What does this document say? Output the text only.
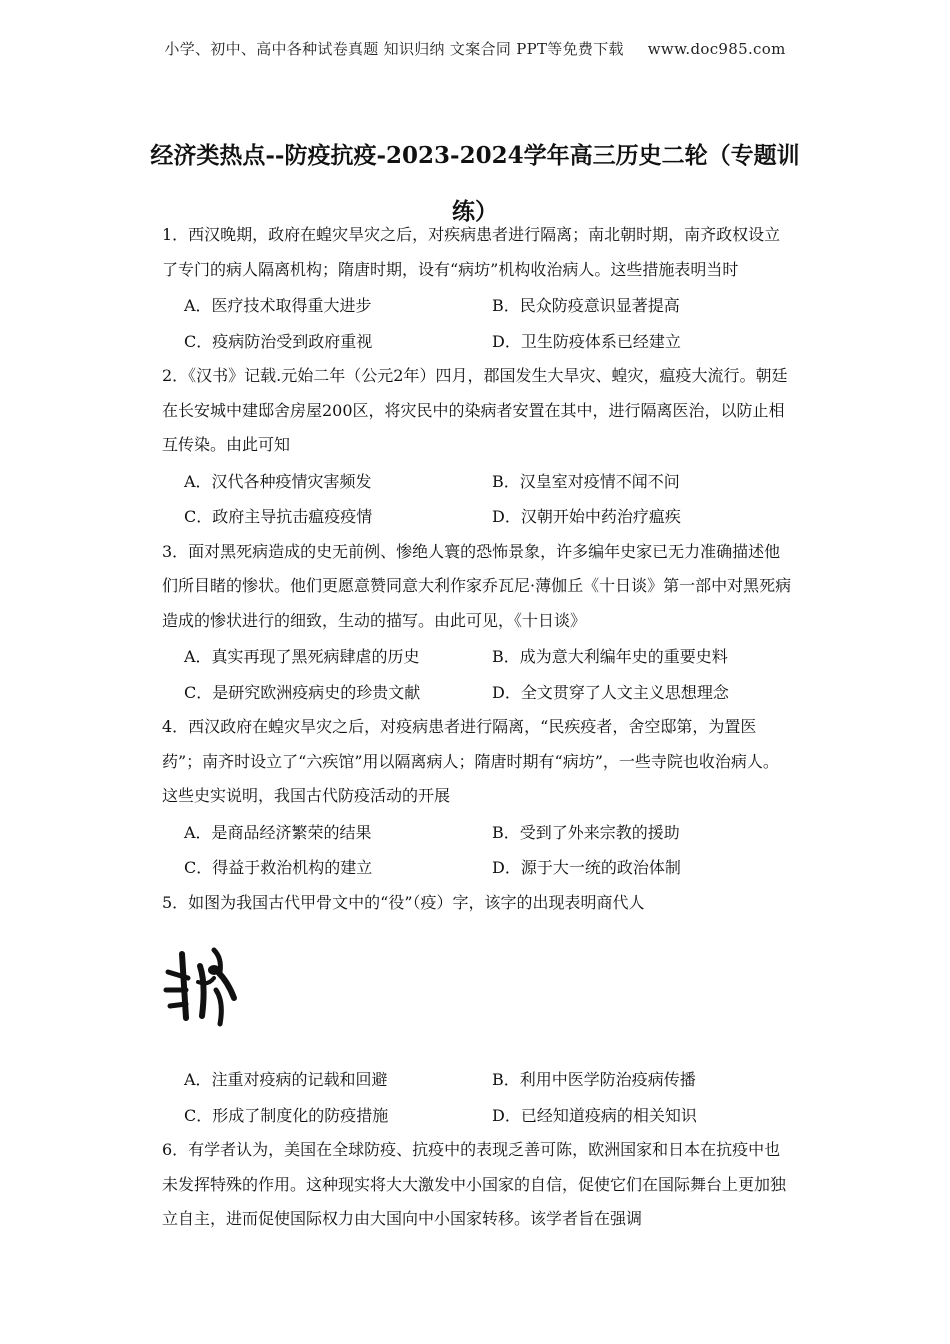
小学、初中、高中各种试卷真题 知识归纳 文案合同 PPT等免费下载 www.doc985.com
经济类热点--防疫抗疫-2023-2024学年高三历史二轮（专题训练）

1．西汉晚期，政府在蝗灾旱灾之后，对疾病患者进行隔离；南北朝时期，南齐政权设立了专门的病人隔离机构；隋唐时期，设有“病坊”机构收治病人。这些措施表明当时

A．医疗技术取得重大进步	B．民众防疫意识显著提高
C．疫病防治受到政府重视	D．卫生防疫体系已经建立

2．《汉书》记载.元始二年（公元2年）四月，郡国发生大旱灾、蝗灾，瘟疫大流行。朝廷在长安城中建邸舍房屋200区，将灾民中的染病者安置在其中，进行隔离医治，以防止相互传染。由此可知

A．汉代各种疫情灾害频发	B．汉皇室对疫情不闻不问
C．政府主导抗击瘟疫疫情	D．汉朝开始中药治疗瘟疾

3．面对黑死病造成的史无前例、惨绝人寰的恐怖景象，许多编年史家已无力准确描述他们所目睹的惨状。他们更愿意赞同意大利作家乔瓦尼·薄伽丘《十日谈》第一部中对黑死病造成的惨状进行的细致，生动的描写。由此可见，《十日谈》

A．真实再现了黑死病肆虐的历史	B．成为意大利编年史的重要史料
C．是研究欧洲疫病史的珍贵文献	D．全文贯穿了人文主义思想理念

4．西汉政府在蝗灾旱灾之后，对疫病患者进行隔离，“民疾疫者，舍空邸第，为置医药”；南齐时设立了“六疾馆”用以隔离病人；隋唐时期有“病坊”，一些寺院也收治病人。这些史实说明，我国古代防疫活动的开展

A．是商品经济繁荣的结果	B．受到了外来宗教的援助
C．得益于救治机构的建立	D．源于大一统的政治体制

5．如图为我国古代甲骨文中的“役”（疫）字，该字的出现表明商代人

A．注重对疫病的记载和回避	B．利用中医学防治疫病传播
C．形成了制度化的防疫措施	D．已经知道疫病的相关知识

6．有学者认为，美国在全球防疫、抗疫中的表现乏善可陈，欧洲国家和日本在抗疫中也未发挥特殊的作用。这种现实将大大激发中小国家的自信，促使它们在国际舞台上更加独立自主，进而促使国际权力由大国向中小国家转移。该学者旨在强调
